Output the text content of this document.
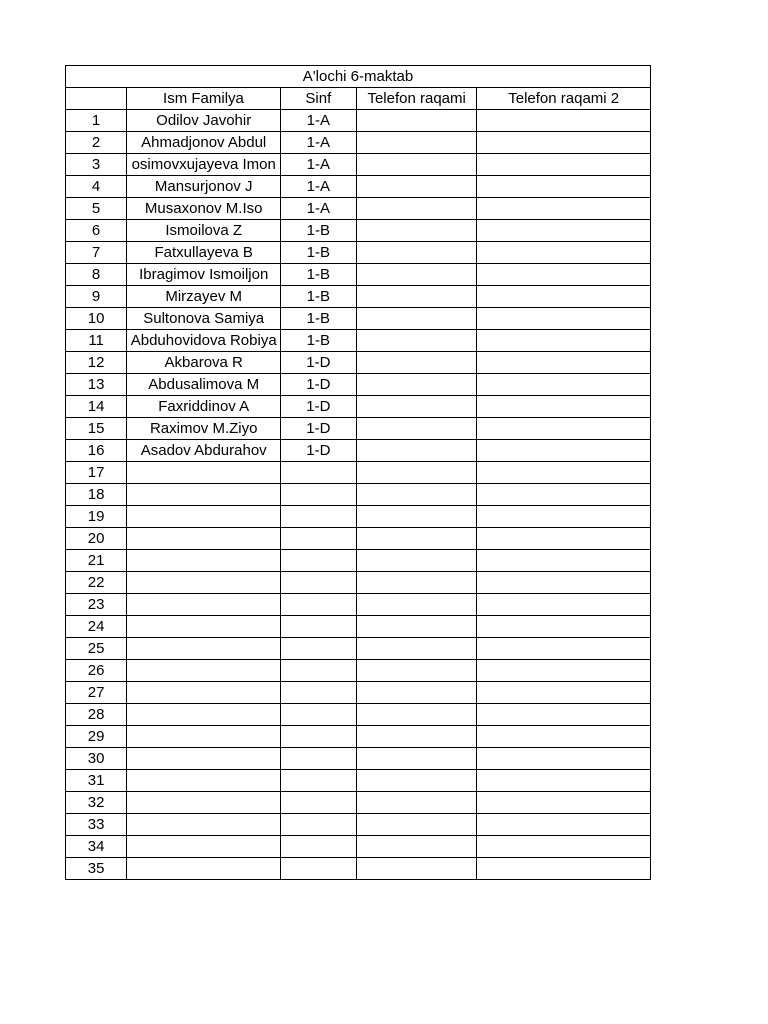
A'lochi 6-maktab				
	Ism Familya	Sinf	Telefon raqami	Telefon raqami 2
1	Odilov Javohir	1-A		
2	Ahmadjonov Abdul	1-A		
3	osimovxujayeva Imon	1-A		
4	Mansurjonov J	1-A		
5	Musaxonov M.Iso	1-A		
6	Ismoilova Z	1-B		
7	Fatxullayeva B	1-B		
8	Ibragimov Ismoiljon	1-B		
9	Mirzayev M	1-B		
10	Sultonova Samiya	1-B		
11	Abduhovidova Robiya	1-B		
12	Akbarova R	1-D		
13	Abdusalimova M	1-D		
14	Faxriddinov A	1-D		
15	Raximov M.Ziyo	1-D		
16	Asadov Abdurahov	1-D		
17	

18	

19	

20	

21	

22	

23	

24	

25	

26	

27	

28	

29	

30	

31	

32	

33	

34	

35	
